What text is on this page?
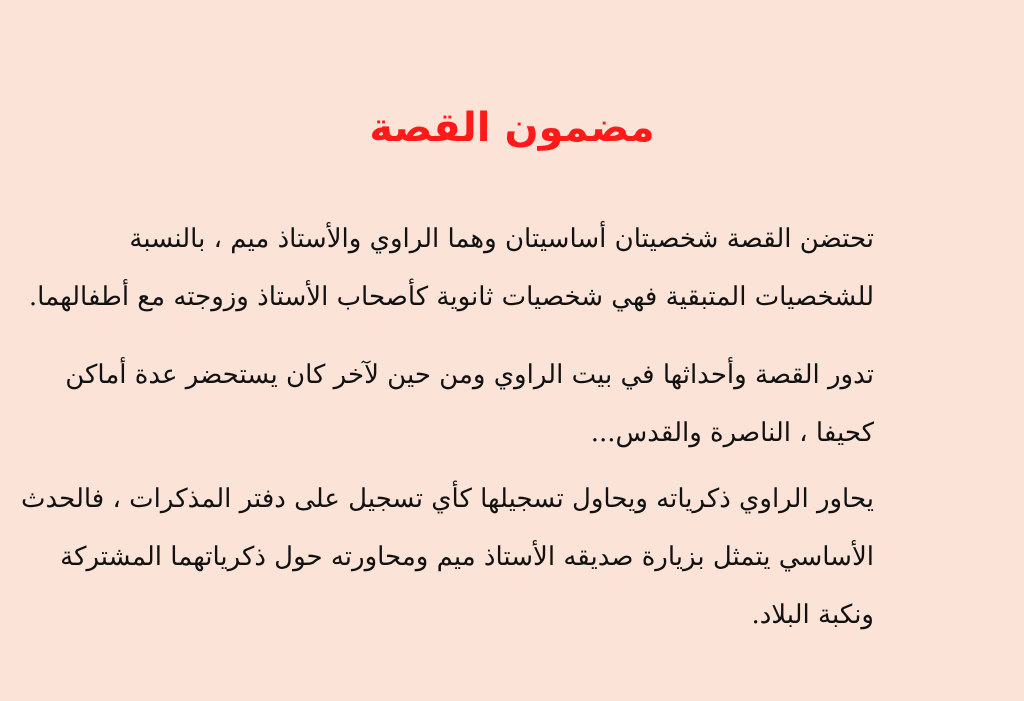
مضمون القصة

تحتضن القصة شخصيتان أساسيتان وهما الراوي والأستاذ ميم ، بالنسبة
للشخصيات المتبقية فهي شخصيات ثانوية كأصحاب الأستاذ وزوجته مع أطفالهما.

تدور القصة وأحداثها في بيت الراوي ومن حين لآخر كان يستحضر عدة أماكن
كحيفا ، الناصرة والقدس...

يحاور الراوي ذكرياته ويحاول تسجيلها كأي تسجيل على دفتر المذكرات ، فالحدث
الأساسي يتمثل بزيارة صديقه الأستاذ ميم ومحاورته حول ذكرياتهما المشتركة
ونكبة البلاد.
